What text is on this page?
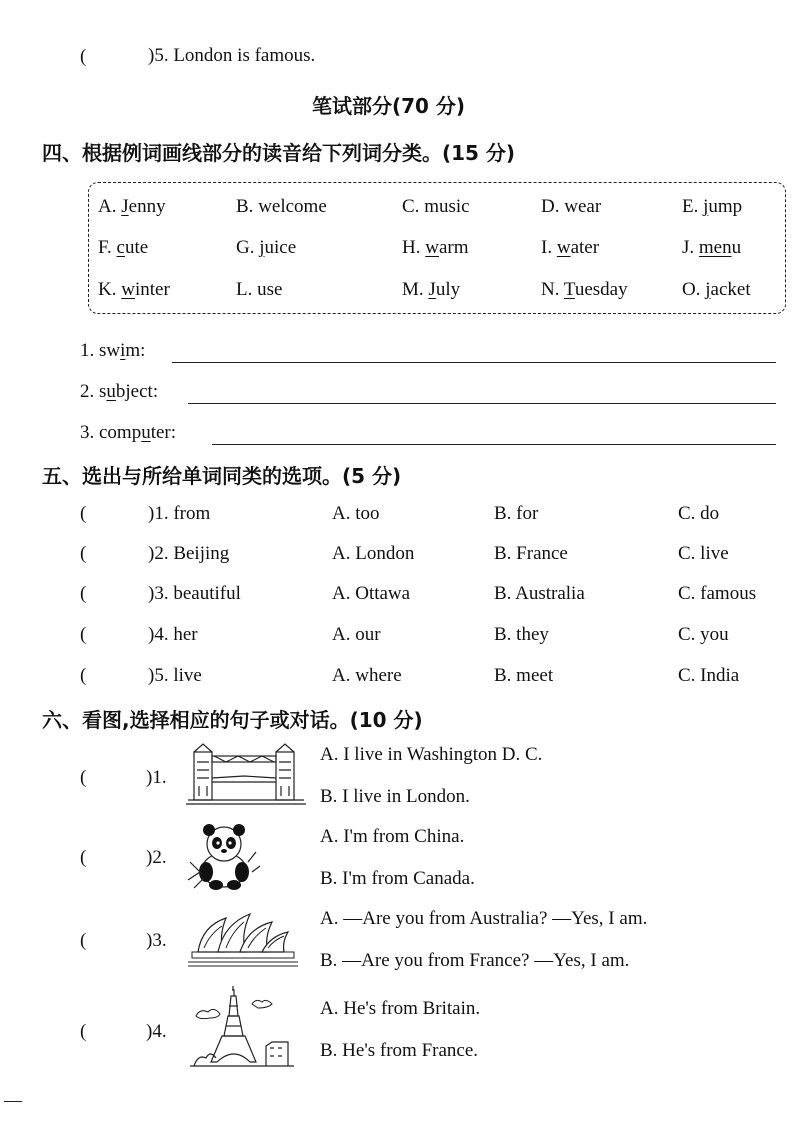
(	)5. London is famous.
笔试部分(70 分)
四、根据例词画线部分的读音给下列词分类。(15 分)
A. Jenny	B. welcome	C. music	D. wear	E. jump
F. cute	G. juice	H. warm	I. water	J. menu
K. winter	L. use	M. July	N. Tuesday	O. jacket
1. swim:
2. subject:
3. computer:
五、选出与所给单词同类的选项。(5 分)
(	)1. from	A. too	B. for	C. do
(	)2. Beijing	A. London	B. France	C. live
(	)3. beautiful	A. Ottawa	B. Australia	C. famous
(	)4. her	A. our	B. they	C. you
(	)5. live	A. where	B. meet	C. India
六、看图,选择相应的句子或对话。(10 分)
(	)1.
A. I live in Washington D. C.
B. I live in London.
(	)2.
A. I'm from China.
B. I'm from Canada.
(	)3.
A. —Are you from Australia? —Yes, I am.
B. —Are you from France? —Yes, I am.
(	)4.
A. He's from Britain.
B. He's from France.
